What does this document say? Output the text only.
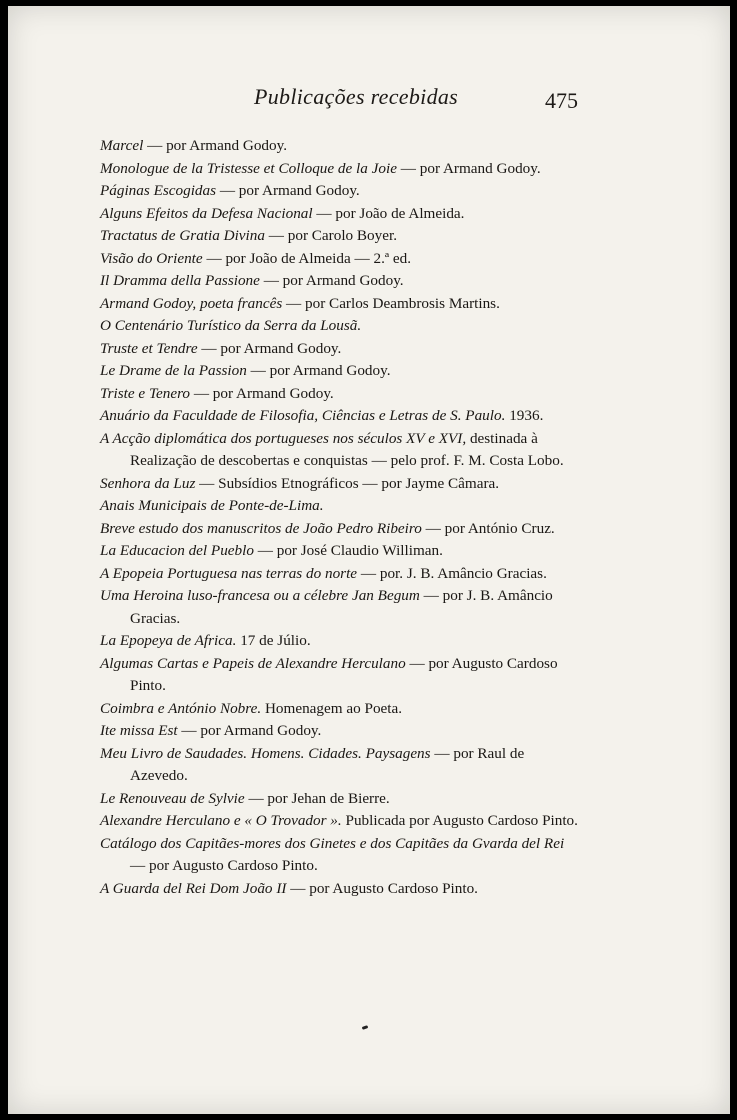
Publicações recebidas	475
Marcel — por Armand Godoy.
Monologue de la Tristesse et Colloque de la Joie — por Armand Godoy.
Páginas Escogidas — por Armand Godoy.
Alguns Efeitos da Defesa Nacional — por João de Almeida.
Tractatus de Gratia Divina — por Carolo Boyer.
Visão do Oriente — por João de Almeida — 2.ª ed.
Il Dramma della Passione — por Armand Godoy.
Armand Godoy, poeta francês — por Carlos Deambrosis Martins.
O Centenário Turístico da Serra da Lousã.
Truste et Tendre — por Armand Godoy.
Le Drame de la Passion — por Armand Godoy.
Triste e Tenero — por Armand Godoy.
Anuário da Faculdade de Filosofia, Ciências e Letras de S. Paulo. 1936.
A Acção diplomática dos portugueses nos séculos XV e XVI, destinada à Realização de descobertas e conquistas — pelo prof. F. M. Costa Lobo.
Senhora da Luz — Subsídios Etnográficos — por Jayme Câmara.
Anais Municipais de Ponte-de-Lima.
Breve estudo dos manuscritos de João Pedro Ribeiro — por António Cruz.
La Educacion del Pueblo — por José Claudio Williman.
A Epopeia Portuguesa nas terras do norte — por. J. B. Amâncio Gracias.
Uma Heroina luso-francesa ou a célebre Jan Begum — por J. B. Amâncio Gracias.
La Epopeya de Africa. 17 de Júlio.
Algumas Cartas e Papeis de Alexandre Herculano — por Augusto Cardoso Pinto.
Coimbra e António Nobre. Homenagem ao Poeta.
Ite missa Est — por Armand Godoy.
Meu Livro de Saudades. Homens. Cidades. Paysagens — por Raul de Azevedo.
Le Renouveau de Sylvie — por Jehan de Bierre.
Alexandre Herculano e « O Trovador ». Publicada por Augusto Cardoso Pinto.
Catálogo dos Capitães-mores dos Ginetes e dos Capitães da Gvarda del Rei — por Augusto Cardoso Pinto.
A Guarda del Rei Dom João II — por Augusto Cardoso Pinto.
